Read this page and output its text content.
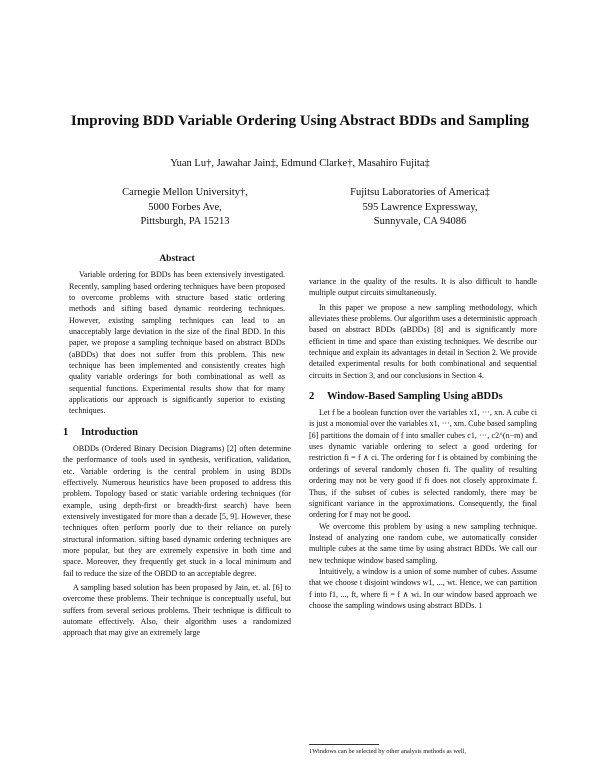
Improving BDD Variable Ordering Using Abstract BDDs and Sampling
Yuan Lu†, Jawahar Jain‡, Edmund Clarke†, Masahiro Fujita‡
Carnegie Mellon University†,
5000 Forbes Ave,
Pittsburgh, PA 15213
Fujitsu Laboratories of America‡
595 Lawrence Expressway,
Sunnyvale, CA 94086
Abstract

Variable ordering for BDDs has been extensively investigated. Recently, sampling based ordering techniques have been proposed to overcome problems with structure based static ordering methods and sifting based dynamic reordering techniques. However, existing sampling techniques can lead to an unacceptably large deviation in the size of the final BDD. In this paper, we propose a sampling technique based on abstract BDDs (aBDDs) that does not suffer from this problem. This new technique has been implemented and consistently creates high quality variable orderings for both combinational as well as sequential functions. Experimental results show that for many applications our approach is significantly superior to existing techniques.

1 Introduction

OBDDs (Ordered Binary Decision Diagrams) [2] often determine the performance of tools used in synthesis, verification, validation, etc. Variable ordering is the central problem in using BDDs effectively. Numerous heuristics have been proposed to address this problem. Topology based or static variable ordering techniques (for example, using depth-first or breadth-first search) have been extensively investigated for more than a decade [5, 9]. However, these techniques often perform poorly due to their reliance on purely structural information. sifting based dynamic ordering techniques are more popular, but they are extremely expensive in both time and space. Moreover, they frequently get stuck in a local minimum and fail to reduce the size of the OBDD to an acceptable degree.

A sampling based solution has been proposed by Jain, et. al. [6] to overcome these problems. Their technique is conceptually useful, but suffers from several serious problems. Their technique is difficult to automate effectively. Also, their algorithm uses a randomized approach that may give an extremely large

variance in the quality of the results. It is also difficult to handle multiple output circuits simultaneously.

In this paper we propose a new sampling methodology, which alleviates these problems. Our algorithm uses a deterministic approach based on abstract BDDs (aBDDs) [8] and is significantly more efficient in time and space than existing techniques. We describe our technique and explain its advantages in detail in Section 2. We provide detailed experimental results for both combinational and sequential circuits in Section 3, and our conclusions in Section 4.

2 Window-Based Sampling Using aBDDs

Let f be a boolean function over the variables x1, ···, xn. A cube ci is just a monomial over the variables x1, ···, xm. Cube based sampling [6] partitions the domain of f into smaller cubes c1, ···, c2^(n−m) and uses dynamic variable ordering to select a good ordering for restriction fi = f ∧ ci. The ordering for f is obtained by combining the orderings of several randomly chosen fi. The quality of resulting ordering may not be very good if fi does not closely approximate f. Thus, if the subset of cubes is selected randomly, there may be significant variance in the approximations. Consequently, the final ordering for f may not be good.

We overcome this problem by using a new sampling technique. Instead of analyzing one random cube, we automatically consider multiple cubes at the same time by using abstract BDDs. We call our new technique window based sampling.

Intuitively, a window is a union of some number of cubes. Assume that we choose t disjoint windows w1, ..., wt. Hence, we can partition f into f1, ..., ft, where fi = f ∧ wi. In our window based approach we choose the sampling windows using abstract BDDs. 1

1Windows can be selected by other analysis methods as well,
